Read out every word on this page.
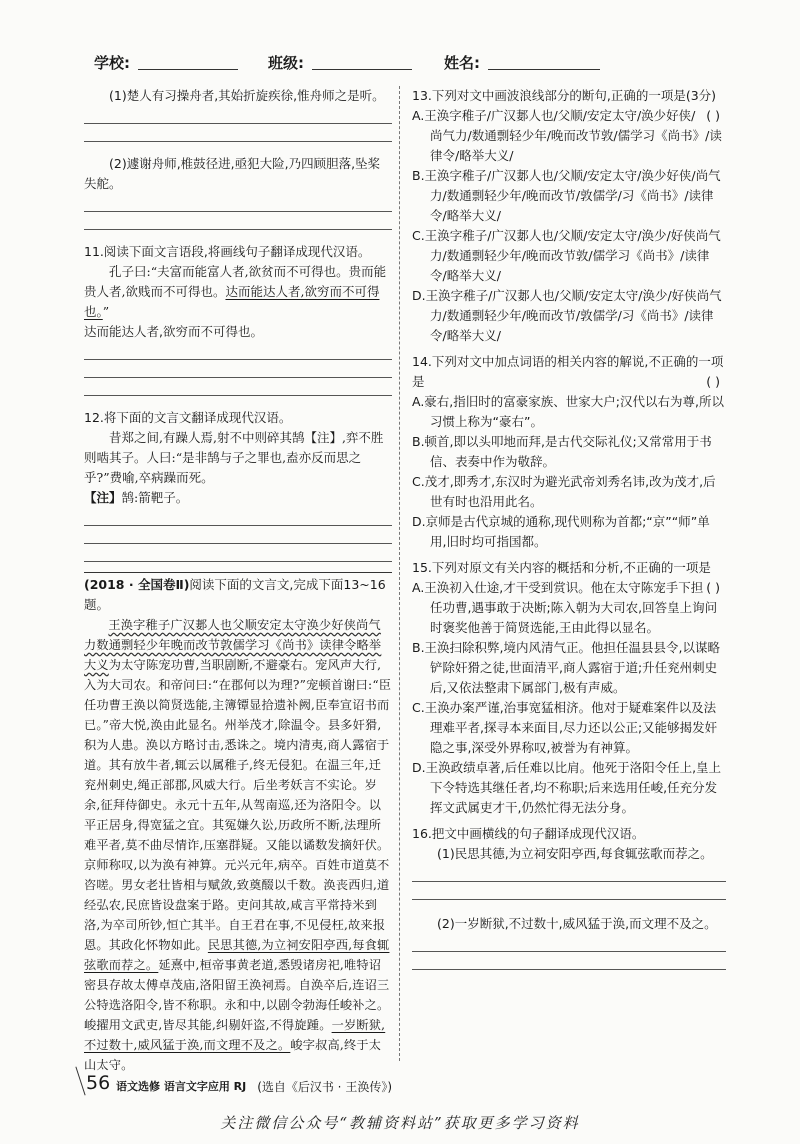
学校:	班级:	姓名:
(1)楚人有习操舟者,其始折旋疾徐,惟舟师之是听。
(2)遽谢舟师,椎鼓径进,亟犯大险,乃四顾胆落,坠桨失舵。
11.阅读下面文言语段,将画线句子翻译成现代汉语。
孔子曰:“夫富而能富人者,欲贫而不可得也。贵而能贵人者,欲贱而不可得也。达而能达人者,欲穷而不可得也。”
达而能达人者,欲穷而不可得也。
12.将下面的文言文翻译成现代汉语。
昔郑之间,有躁人焉,射不中则碎其鹄【注】,弈不胜则啮其子。人曰:“是非鹄与子之罪也,盍亦反而思之乎?”费喻,卒病躁而死。
【注】鹄:箭靶子。
(2018 · 全国卷Ⅱ)阅读下面的文言文,完成下面13~16题。
王涣字稚子广汉郪人也父顺安定太守涣少好侠尚气力数通剽轻少年晚而改节敦儒学习《尚书》读律令略举大义为太守陈宠功曹,当职剧断,不避豪右。宠风声大行,入为大司农。和帝问曰:“在郡何以为理?”宠顿首谢曰:“臣任功曹王涣以简贤选能,主簿镡显拾遗补阙,臣奉宣诏书而已。”帝大悦,涣由此显名。州举茂才,除温令。县多奸猾,积为人患。涣以方略讨击,悉诛之。境内清夷,商人露宿于道。其有放牛者,辄云以属稚子,终无侵犯。在温三年,迁兖州刺史,绳正部郡,风威大行。后坐考妖言不实论。岁余,征拜侍御史。永元十五年,从驾南巡,还为洛阳令。以平正居身,得宽猛之宜。其冤嫌久讼,历政所不断,法理所难平者,莫不曲尽情诈,压塞群疑。又能以谲数发摘奸伏。京师称叹,以为涣有神算。元兴元年,病卒。百姓市道莫不咨嗟。男女老壮皆相与赋敛,致奠醊以千数。涣丧西归,道经弘农,民庶皆设盘案于路。吏问其故,咸言平常持米到洛,为卒司所钞,恒亡其半。自王君在事,不见侵枉,故来报恩。其政化怀物如此。民思其德,为立祠安阳亭西,每食辄弦歌而荐之。延熹中,桓帝事黄老道,悉毁诸房祀,唯特诏密县存故太傅卓茂庙,洛阳留王涣祠焉。自涣卒后,连诏三公特选洛阳令,皆不称职。永和中,以剧令勃海任峻补之。峻擢用文武吏,皆尽其能,纠剔奸盗,不得旋踵。一岁断狱,不过数十,威风猛于涣,而文理不及之。峻字叔高,终于太山太守。
(选自《后汉书 · 王涣传》)
13.下列对文中画波浪线部分的断句,正确的一项是(3分)
( )
A.王涣字稚子/广汉郪人也/父顺/安定太守/涣少好侠/尚气力/数通剽轻少年/晚而改节敦/儒学习《尚书》/读律令/略举大义/
B.王涣字稚子/广汉郪人也/父顺/安定太守/涣少好侠/尚气力/数通剽轻少年/晚而改节/敦儒学/习《尚书》/读律令/略举大义/
C.王涣字稚子/广汉郪人也/父顺/安定太守/涣少/好侠尚气力/数通剽轻少年/晚而改节敦/儒学习《尚书》/读律令/略举大义/
D.王涣字稚子/广汉郪人也/父顺/安定太守/涣少/好侠尚气力/数通剽轻少年/晚而改节/敦儒学/习《尚书》/读律令/略举大义/
14.下列对文中加点词语的相关内容的解说,不正确的一项是	( )
A.豪右,指旧时的富豪家族、世家大户;汉代以右为尊,所以习惯上称为“豪右”。
B.顿首,即以头叩地而拜,是古代交际礼仪;又常常用于书信、表奏中作为敬辞。
C.茂才,即秀才,东汉时为避光武帝刘秀名讳,改为茂才,后世有时也沿用此名。
D.京师是古代京城的通称,现代则称为首都;“京”“师”单用,旧时均可指国都。
15.下列对原文有关内容的概括和分析,不正确的一项是
( )
A.王涣初入仕途,才干受到赏识。他在太守陈宠手下担任功曹,遇事敢于决断;陈入朝为大司农,回答皇上询问时褒奖他善于简贤选能,王由此得以显名。
B.王涣扫除积弊,境内风清气正。他担任温县县令,以谋略铲除奸猾之徒,世面清平,商人露宿于道;升任兖州刺史后,又依法整肃下属部门,极有声威。
C.王涣办案严谨,治事宽猛相济。他对于疑难案件以及法理难平者,探寻本来面目,尽力还以公正;又能够揭发奸隐之事,深受外界称叹,被誉为有神算。
D.王涣政绩卓著,后任难以比肩。他死于洛阳令任上,皇上下令特选其继任者,均不称职;后来选用任峻,任充分发挥文武属吏才干,仍然忙得无法分身。
16.把文中画横线的句子翻译成现代汉语。
(1)民思其德,为立祠安阳亭西,每食辄弦歌而荐之。
(2)一岁断狱,不过数十,威风猛于涣,而文理不及之。
56 语文选修 语言文字应用 RJ
关注微信公众号“教辅资料站”获取更多学习资料
